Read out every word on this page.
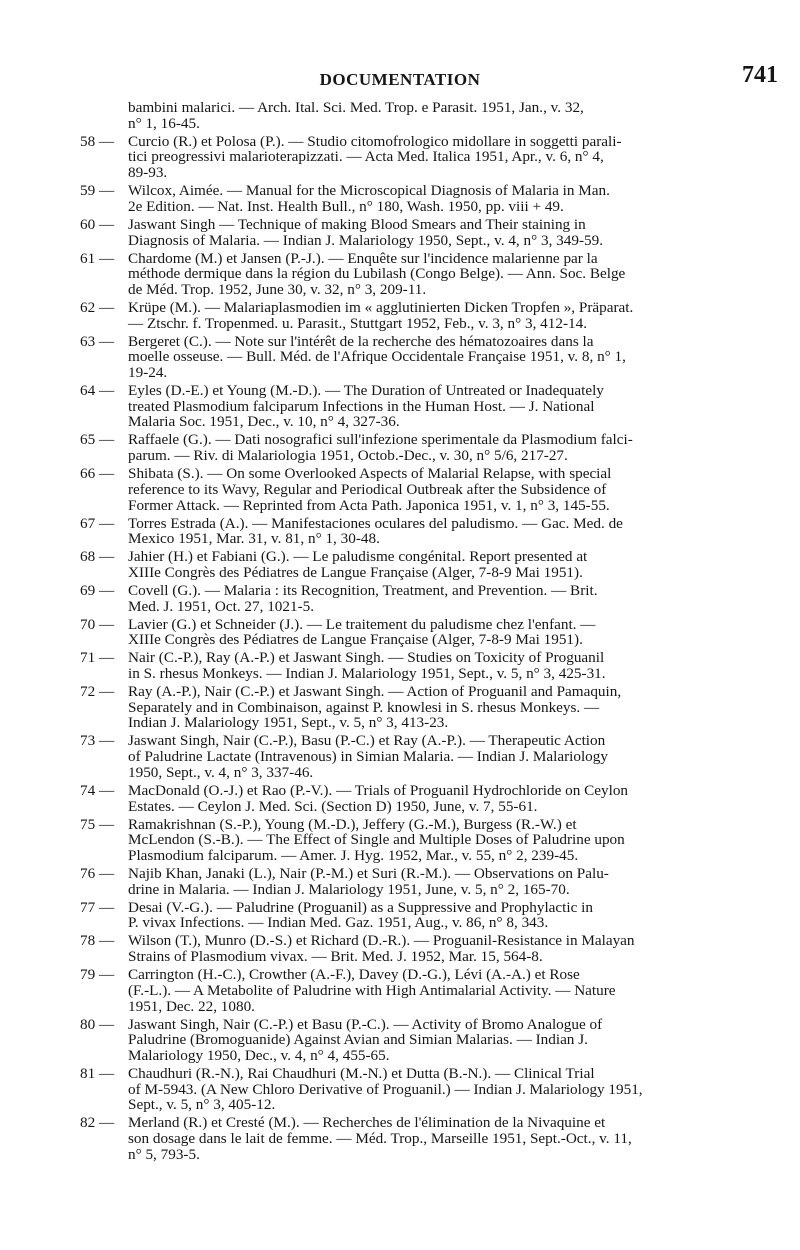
DOCUMENTATION	741
bambini malarici. — Arch. Ital. Sci. Med. Trop. e Parasit. 1951, Jan., v. 32,
n° 1, 16-45.
58 — Curcio (R.) et Polosa (P.). — Studio citomofrologico midollare in soggetti parali-
tici preogressivi malarioterapizzati. — Acta Med. Italica 1951, Apr., v. 6, n° 4,
89-93.
59 — Wilcox, Aimée. — Manual for the Microscopical Diagnosis of Malaria in Man.
2e Edition. — Nat. Inst. Health Bull., n° 180, Wash. 1950, pp. viii + 49.
60 — Jaswant Singh — Technique of making Blood Smears and Their staining in
Diagnosis of Malaria. — Indian J. Malariology 1950, Sept., v. 4, n° 3, 349-59.
61 — Chardome (M.) et Jansen (P.-J.). — Enquête sur l'incidence malarienne par la
méthode dermique dans la région du Lubilash (Congo Belge). — Ann. Soc. Belge
de Méd. Trop. 1952, June 30, v. 32, n° 3, 209-11.
62 — Krüpe (M.). — Malariaplasmodien im « agglutinierten Dicken Tropfen », Präparat.
— Ztschr. f. Tropenmed. u. Parasit., Stuttgart 1952, Feb., v. 3, n° 3, 412-14.
63 — Bergeret (C.). — Note sur l'intérêt de la recherche des hématozoaires dans la
moelle osseuse. — Bull. Méd. de l'Afrique Occidentale Française 1951, v. 8, n° 1,
19-24.
64 — Eyles (D.-E.) et Young (M.-D.). — The Duration of Untreated or Inadequately
treated Plasmodium falciparum Infections in the Human Host. — J. National
Malaria Soc. 1951, Dec., v. 10, n° 4, 327-36.
65 — Raffaele (G.). — Dati nosografici sull'infezione sperimentale da Plasmodium falci-
parum. — Riv. di Malariologia 1951, Octob.-Dec., v. 30, n° 5/6, 217-27.
66 — Shibata (S.). — On some Overlooked Aspects of Malarial Relapse, with special
reference to its Wavy, Regular and Periodical Outbreak after the Subsidence of
Former Attack. — Reprinted from Acta Path. Japonica 1951, v. 1, n° 3, 145-55.
67 — Torres Estrada (A.). — Manifestaciones oculares del paludismo. — Gac. Med. de
Mexico 1951, Mar. 31, v. 81, n° 1, 30-48.
68 — Jahier (H.) et Fabiani (G.). — Le paludisme congénital. Report presented at
XIIIe Congrès des Pédiatres de Langue Française (Alger, 7-8-9 Mai 1951).
69 — Covell (G.). — Malaria : its Recognition, Treatment, and Prevention. — Brit.
Med. J. 1951, Oct. 27, 1021-5.
70 — Lavier (G.) et Schneider (J.). — Le traitement du paludisme chez l'enfant. —
XIIIe Congrès des Pédiatres de Langue Française (Alger, 7-8-9 Mai 1951).
71 — Nair (C.-P.), Ray (A.-P.) et Jaswant Singh. — Studies on Toxicity of Proguanil
in S. rhesus Monkeys. — Indian J. Malariology 1951, Sept., v. 5, n° 3, 425-31.
72 — Ray (A.-P.), Nair (C.-P.) et Jaswant Singh. — Action of Proguanil and Pamaquin,
Separately and in Combinaison, against P. knowlesi in S. rhesus Monkeys. —
Indian J. Malariology 1951, Sept., v. 5, n° 3, 413-23.
73 — Jaswant Singh, Nair (C.-P.), Basu (P.-C.) et Ray (A.-P.). — Therapeutic Action
of Paludrine Lactate (Intravenous) in Simian Malaria. — Indian J. Malariology
1950, Sept., v. 4, n° 3, 337-46.
74 — MacDonald (O.-J.) et Rao (P.-V.). — Trials of Proguanil Hydrochloride on Ceylon
Estates. — Ceylon J. Med. Sci. (Section D) 1950, June, v. 7, 55-61.
75 — Ramakrishnan (S.-P.), Young (M.-D.), Jeffery (G.-M.), Burgess (R.-W.) et
McLendon (S.-B.). — The Effect of Single and Multiple Doses of Paludrine upon
Plasmodium falciparum. — Amer. J. Hyg. 1952, Mar., v. 55, n° 2, 239-45.
76 — Najib Khan, Janaki (L.), Nair (P.-M.) et Suri (R.-M.). — Observations on Palu-
drine in Malaria. — Indian J. Malariology 1951, June, v. 5, n° 2, 165-70.
77 — Desai (V.-G.). — Paludrine (Proguanil) as a Suppressive and Prophylactic in
P. vivax Infections. — Indian Med. Gaz. 1951, Aug., v. 86, n° 8, 343.
78 — Wilson (T.), Munro (D.-S.) et Richard (D.-R.). — Proguanil-Resistance in Malayan
Strains of Plasmodium vivax. — Brit. Med. J. 1952, Mar. 15, 564-8.
79 — Carrington (H.-C.), Crowther (A.-F.), Davey (D.-G.), Lévi (A.-A.) et Rose
(F.-L.). — A Metabolite of Paludrine with High Antimalarial Activity. — Nature
1951, Dec. 22, 1080.
80 — Jaswant Singh, Nair (C.-P.) et Basu (P.-C.). — Activity of Bromo Analogue of
Paludrine (Bromoguanide) Against Avian and Simian Malarias. — Indian J.
Malariology 1950, Dec., v. 4, n° 4, 455-65.
81 — Chaudhuri (R.-N.), Rai Chaudhuri (M.-N.) et Dutta (B.-N.). — Clinical Trial
of M-5943. (A New Chloro Derivative of Proguanil.) — Indian J. Malariology 1951,
Sept., v. 5, n° 3, 405-12.
82 — Merland (R.) et Cresté (M.). — Recherches de l'élimination de la Nivaquine et
son dosage dans le lait de femme. — Méd. Trop., Marseille 1951, Sept.-Oct., v. 11,
n° 5, 793-5.
